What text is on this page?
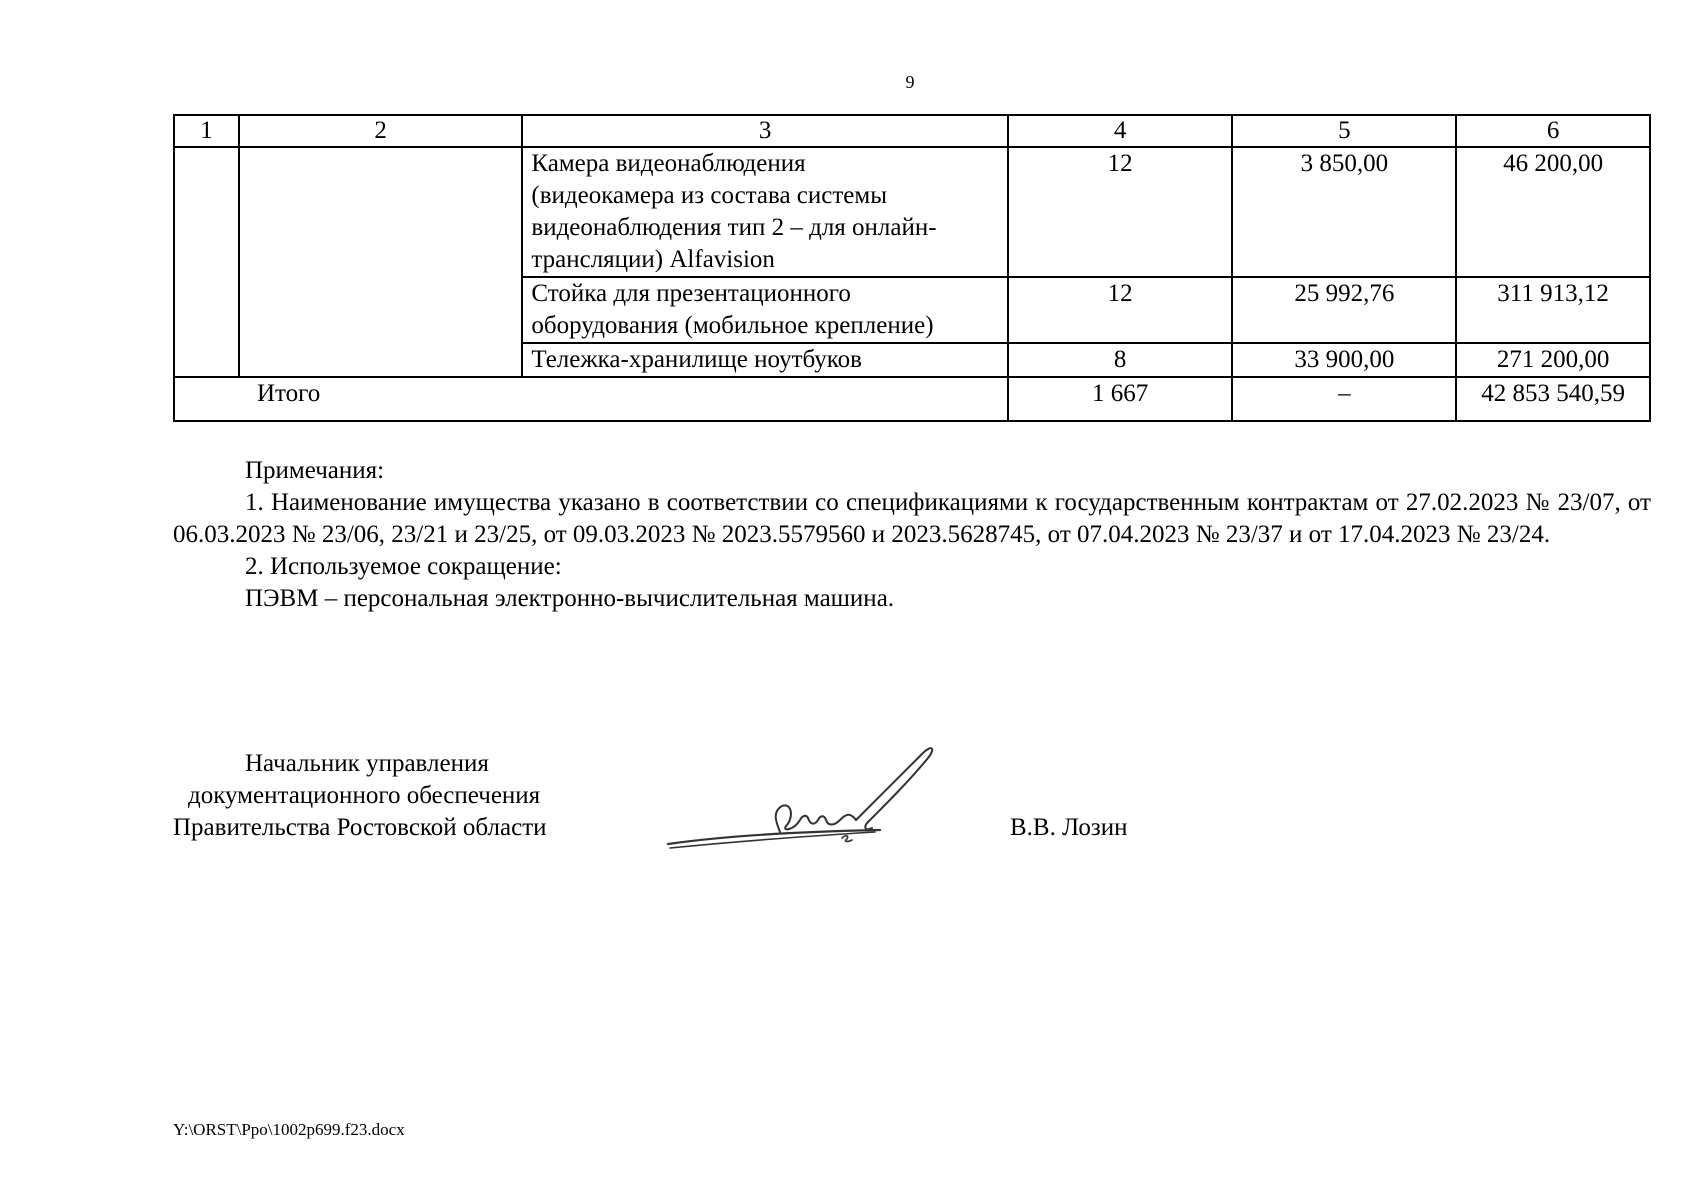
9
1	2	3	4	5	6

		Камера видеонаблюдения
(видеокамера из состава системы
видеонаблюдения тип 2 – для онлайн-
трансляции) Alfavision	12	3 850,00	46 200,00

		Стойка для презентационного
оборудования (мобильное крепление)	12	25 992,76	311 913,12

		Тележка-хранилище ноутбуков	8	33 900,00	271 200,00
Итого			1 667	–	42 853 540,59

Примечания:

1. Наименование имущества указано в соответствии со спецификациями к государственным контрактам от 27.02.2023 № 23/07, от 06.03.2023 № 23/06, 23/21 и 23/25, от 09.03.2023 № 2023.5579560 и 2023.5628745, от 07.04.2023 № 23/37 и от 17.04.2023 № 23/24.

2. Используемое сокращение:

ПЭВМ – персональная электронно-вычислительная машина.

Начальник управления
документационного обеспечения
Правительства Ростовской области	В.В. Лозин
Y:\ORST\Ppo\1002p699.f23.docx
